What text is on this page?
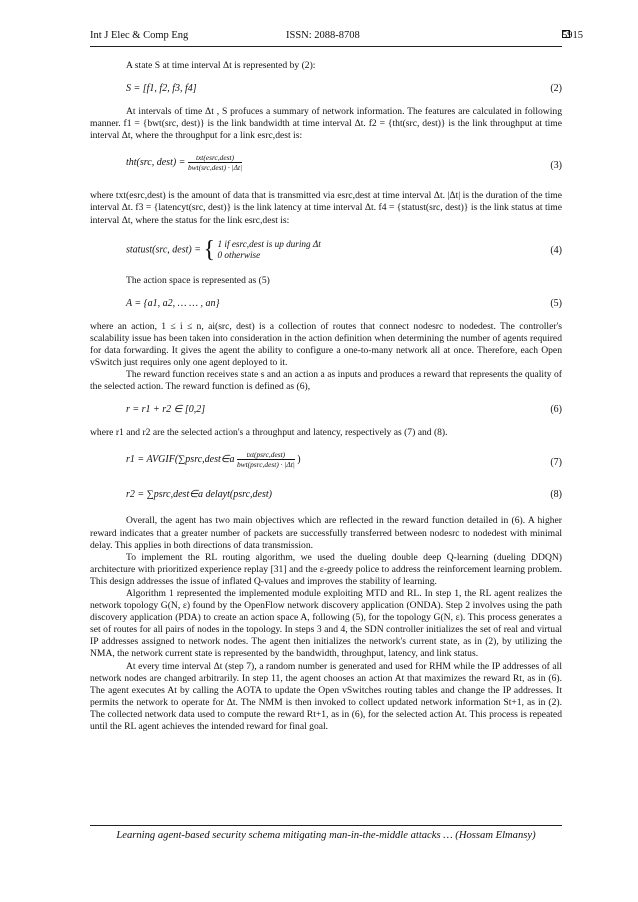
Int J Elec & Comp Eng	ISSN: 2088-8708	5915
A state S at time interval Δt is represented by (2):
S = [f1, f2, f3, f4]	(2)
At intervals of time Δt , S profuces a summary of network information. The features are calculated in following manner. f1 = {bwt(src, dest)} is the link bandwidth at time interval Δt. f2 = {tht(src, dest)} is the link throughput at time interval Δt, where the throughput for a link esrc,dest is:
tht(src, dest) = $\frac{\text{txt(esrc,dest)}}{\text{bwt(src,dest) · |Δt|}}$	(3)
where txt(esrc,dest) is the amount of data that is transmitted via esrc,dest at time interval Δt. |Δt| is the duration of the time interval Δt. f3 = {latencyt(src, dest)} is the link latency at time interval Δt. f4 = {statust(src, dest)} is the link status at time interval Δt, where the status for the link esrc,dest is:
statust(src, dest) = { 1 if esrc,dest is up during Δt
0 otherwise	(4)
The action space is represented as (5)
A = {a1, a2, … … , an}	(5)
where an action, 1 ≤ i ≤ n, ai(src, dest) is a collection of routes that connect nodesrc to nodedest. The controller's scalability issue has been taken into consideration in the action definition when determining the number of agents required for data forwarding. It gives the agent the ability to configure a one-to-many network all at once. Therefore, each Open vSwitch just requires only one agent deployed to it.
The reward function receives state s and an action a as inputs and produces a reward that represents the quality of the selected action. The reward function is defined as (6),
r = r1 + r2 ∈ [0,2]	(6)
where r1 and r2 are the selected action's a throughput and latency, respectively as (7) and (8).
r1 = AVGIF(∑psrc,dest∈a $\frac{\text{txt(psrc,dest)}}{\text{bwt(psrc,dest) · |Δt|}}$ )	(7)
r2 = ∑psrc,dest∈a delayt(psrc,dest)	(8)
Overall, the agent has two main objectives which are reflected in the reward function detailed in (6). A higher reward indicates that a greater number of packets are successfully transferred between nodesrc to nodedest with minimal delay. This applies in both directions of data transmission.
To implement the RL routing algorithm, we used the dueling double deep Q-learning (dueling DDQN) architecture with prioritized experience replay [31] and the ε-greedy police to address the reinforcement learning problem. This design addresses the issue of inflated Q-values and improves the stability of learning.
Algorithm 1 represented the implemented module exploiting MTD and RL. In step 1, the RL agent realizes the network topology G(N, ε) found by the OpenFlow network discovery application (ONDA). Step 2 involves using the path discovery application (PDA) to create an action space A, following (5), for the topology G(N, ε). This process generates a set of routes for all pairs of nodes in the topology. In steps 3 and 4, the SDN controller initializes the set of real and virtual IP addresses assigned to network nodes. The agent then initializes the network's current state, as in (2), by utilizing the NMA, the network current state is represented by the bandwidth, throughput, latency, and link status.
At every time interval Δt (step 7), a random number is generated and used for RHM while the IP addresses of all network nodes are changed arbitrarily. In step 11, the agent chooses an action At that maximizes the reward Rt, as in (6). The agent executes At by calling the AOTA to update the Open vSwitches routing tables and change the IP addresses. It permits the network to operate for Δt. The NMM is then invoked to collect updated network information St+1, as in (2). The collected network data used to compute the reward Rt+1, as in (6), for the selected action At. This process is repeated until the RL agent achieves the intended reward for final goal.
Learning agent-based security schema mitigating man-in-the-middle attacks … (Hossam Elmansy)
